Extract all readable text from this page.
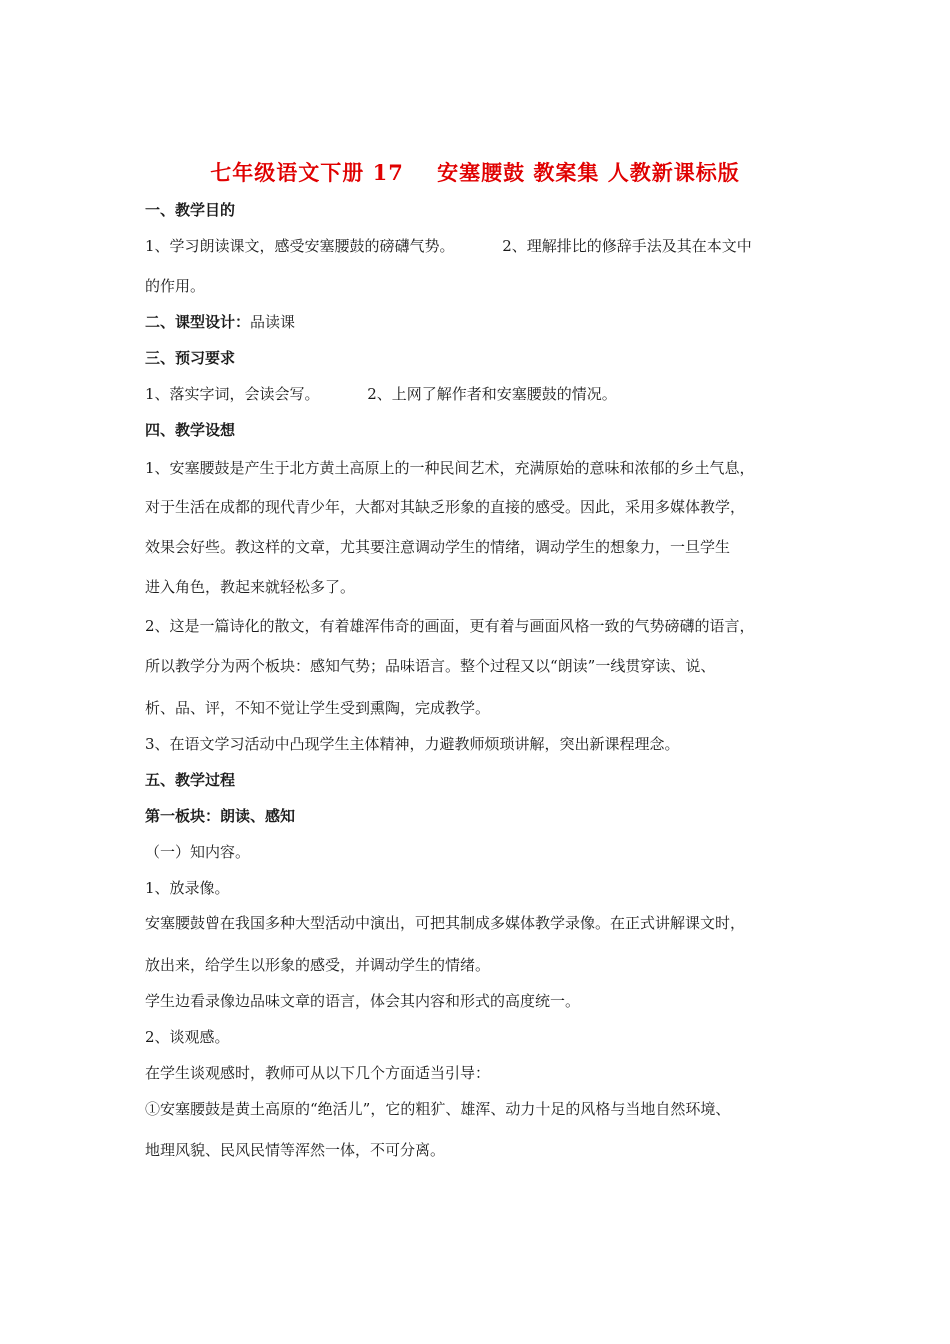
七年级语文下册 17    安塞腰鼓 教案集 人教新课标版
一、教学目的
1、学习朗读课文，感受安塞腰鼓的磅礴气势。          2、理解排比的修辞手法及其在本文中
的作用。
二、课型设计：品读课
三、预习要求
1、落实字词，会读会写。          2、上网了解作者和安塞腰鼓的情况。
四、教学设想
1、安塞腰鼓是产生于北方黄土高原上的一种民间艺术，充满原始的意味和浓郁的乡土气息，
对于生活在成都的现代青少年，大都对其缺乏形象的直接的感受。因此，采用多媒体教学，
效果会好些。教这样的文章，尤其要注意调动学生的情绪，调动学生的想象力，一旦学生
进入角色，教起来就轻松多了。
2、这是一篇诗化的散文，有着雄浑伟奇的画面，更有着与画面风格一致的气势磅礴的语言，
所以教学分为两个板块：感知气势；品味语言。整个过程又以“朗读”一线贯穿读、说、
析、品、评，不知不觉让学生受到熏陶，完成教学。
3、在语文学习活动中凸现学生主体精神，力避教师烦琐讲解，突出新课程理念。
五、教学过程
第一板块：朗读、感知
（一）知内容。
1、放录像。
安塞腰鼓曾在我国多种大型活动中演出，可把其制成多媒体教学录像。在正式讲解课文时，
放出来，给学生以形象的感受，并调动学生的情绪。
学生边看录像边品味文章的语言，体会其内容和形式的高度统一。
2、谈观感。
在学生谈观感时，教师可从以下几个方面适当引导：
①安塞腰鼓是黄土高原的“绝活儿”，它的粗犷、雄浑、动力十足的风格与当地自然环境、
地理风貌、民风民情等浑然一体，不可分离。
